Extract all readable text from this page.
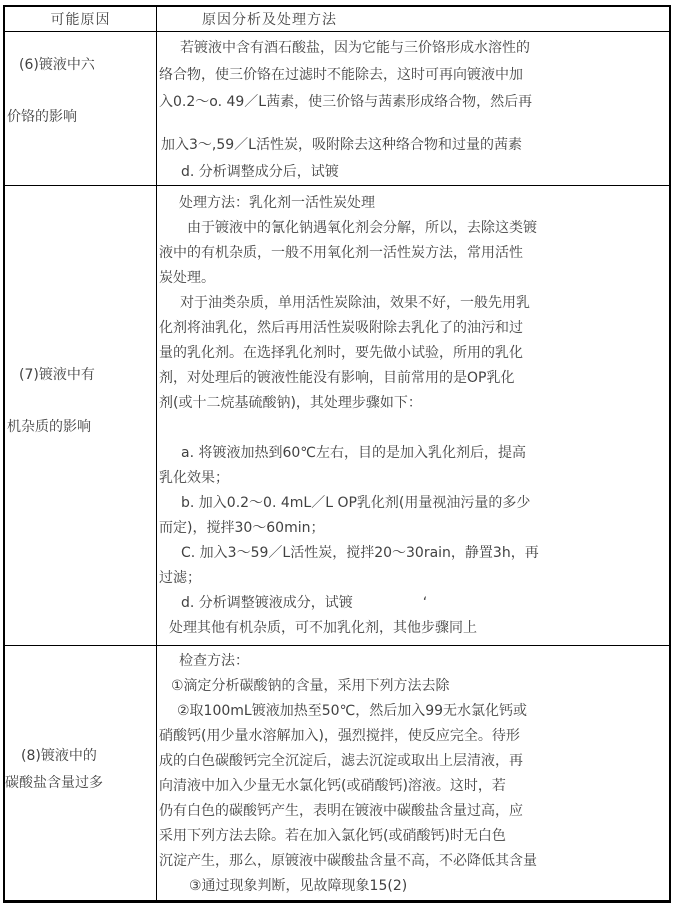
可能原因	原因分析及处理方法
(6)镀液中六
价铬的影响
若镀液中含有酒石酸盐，因为它能与三价铬形成水溶性的
络合物，使三价铬在过滤时不能除去，这时可再向镀液中加
入0.2～o. 49／L茜素，使三价铬与茜素形成络合物，然后再
加入3～,59／L活性炭，吸附除去这种络合物和过量的茜素
d. 分析调整成分后，试镀
(7)镀液中有
机杂质的影响
处理方法：乳化剂一活性炭处理
由于镀液中的氰化钠遇氧化剂会分解，所以，去除这类镀
液中的有机杂质，一般不用氧化剂一活性炭方法，常用活性
炭处理。
对于油类杂质，单用活性炭除油，效果不好，一般先用乳
化剂将油乳化，然后再用活性炭吸附除去乳化了的油污和过
量的乳化剂。在选择乳化剂时，要先做小试验，所用的乳化
剂，对处理后的镀液性能没有影响，目前常用的是OP乳化
剂(或十二烷基硫酸钠)，其处理步骤如下：
a. 将镀液加热到60℃左右，目的是加入乳化剂后，提高
乳化效果；
b. 加入0.2～0. 4mL／L OP乳化剂(用量视油污量的多少
而定)，搅拌30～60min；
C. 加入3～59／L活性炭，搅拌20～30rain，静置3h，再
过滤；
d. 分析调整镀液成分，试镀　　　　　‘
处理其他有机杂质，可不加乳化剂，其他步骤同上
(8)镀液中的
碳酸盐含量过多
检查方法：
①滴定分析碳酸钠的含量，采用下列方法去除
②取100mL镀液加热至50℃，然后加入99无水氯化钙或
硝酸钙(用少量水溶解加入)，强烈搅拌，使反应完全。待形
成的白色碳酸钙完全沉淀后，滤去沉淀或取出上层清液，再
向清液中加入少量无水氯化钙(或硝酸钙)溶液。这时，若
仍有白色的碳酸钙产生，表明在镀液中碳酸盐含量过高，应
采用下列方法去除。若在加入氯化钙(或硝酸钙)时无白色
沉淀产生，那么，原镀液中碳酸盐含量不高，不必降低其含量
③通过现象判断，见故障现象15(2)
